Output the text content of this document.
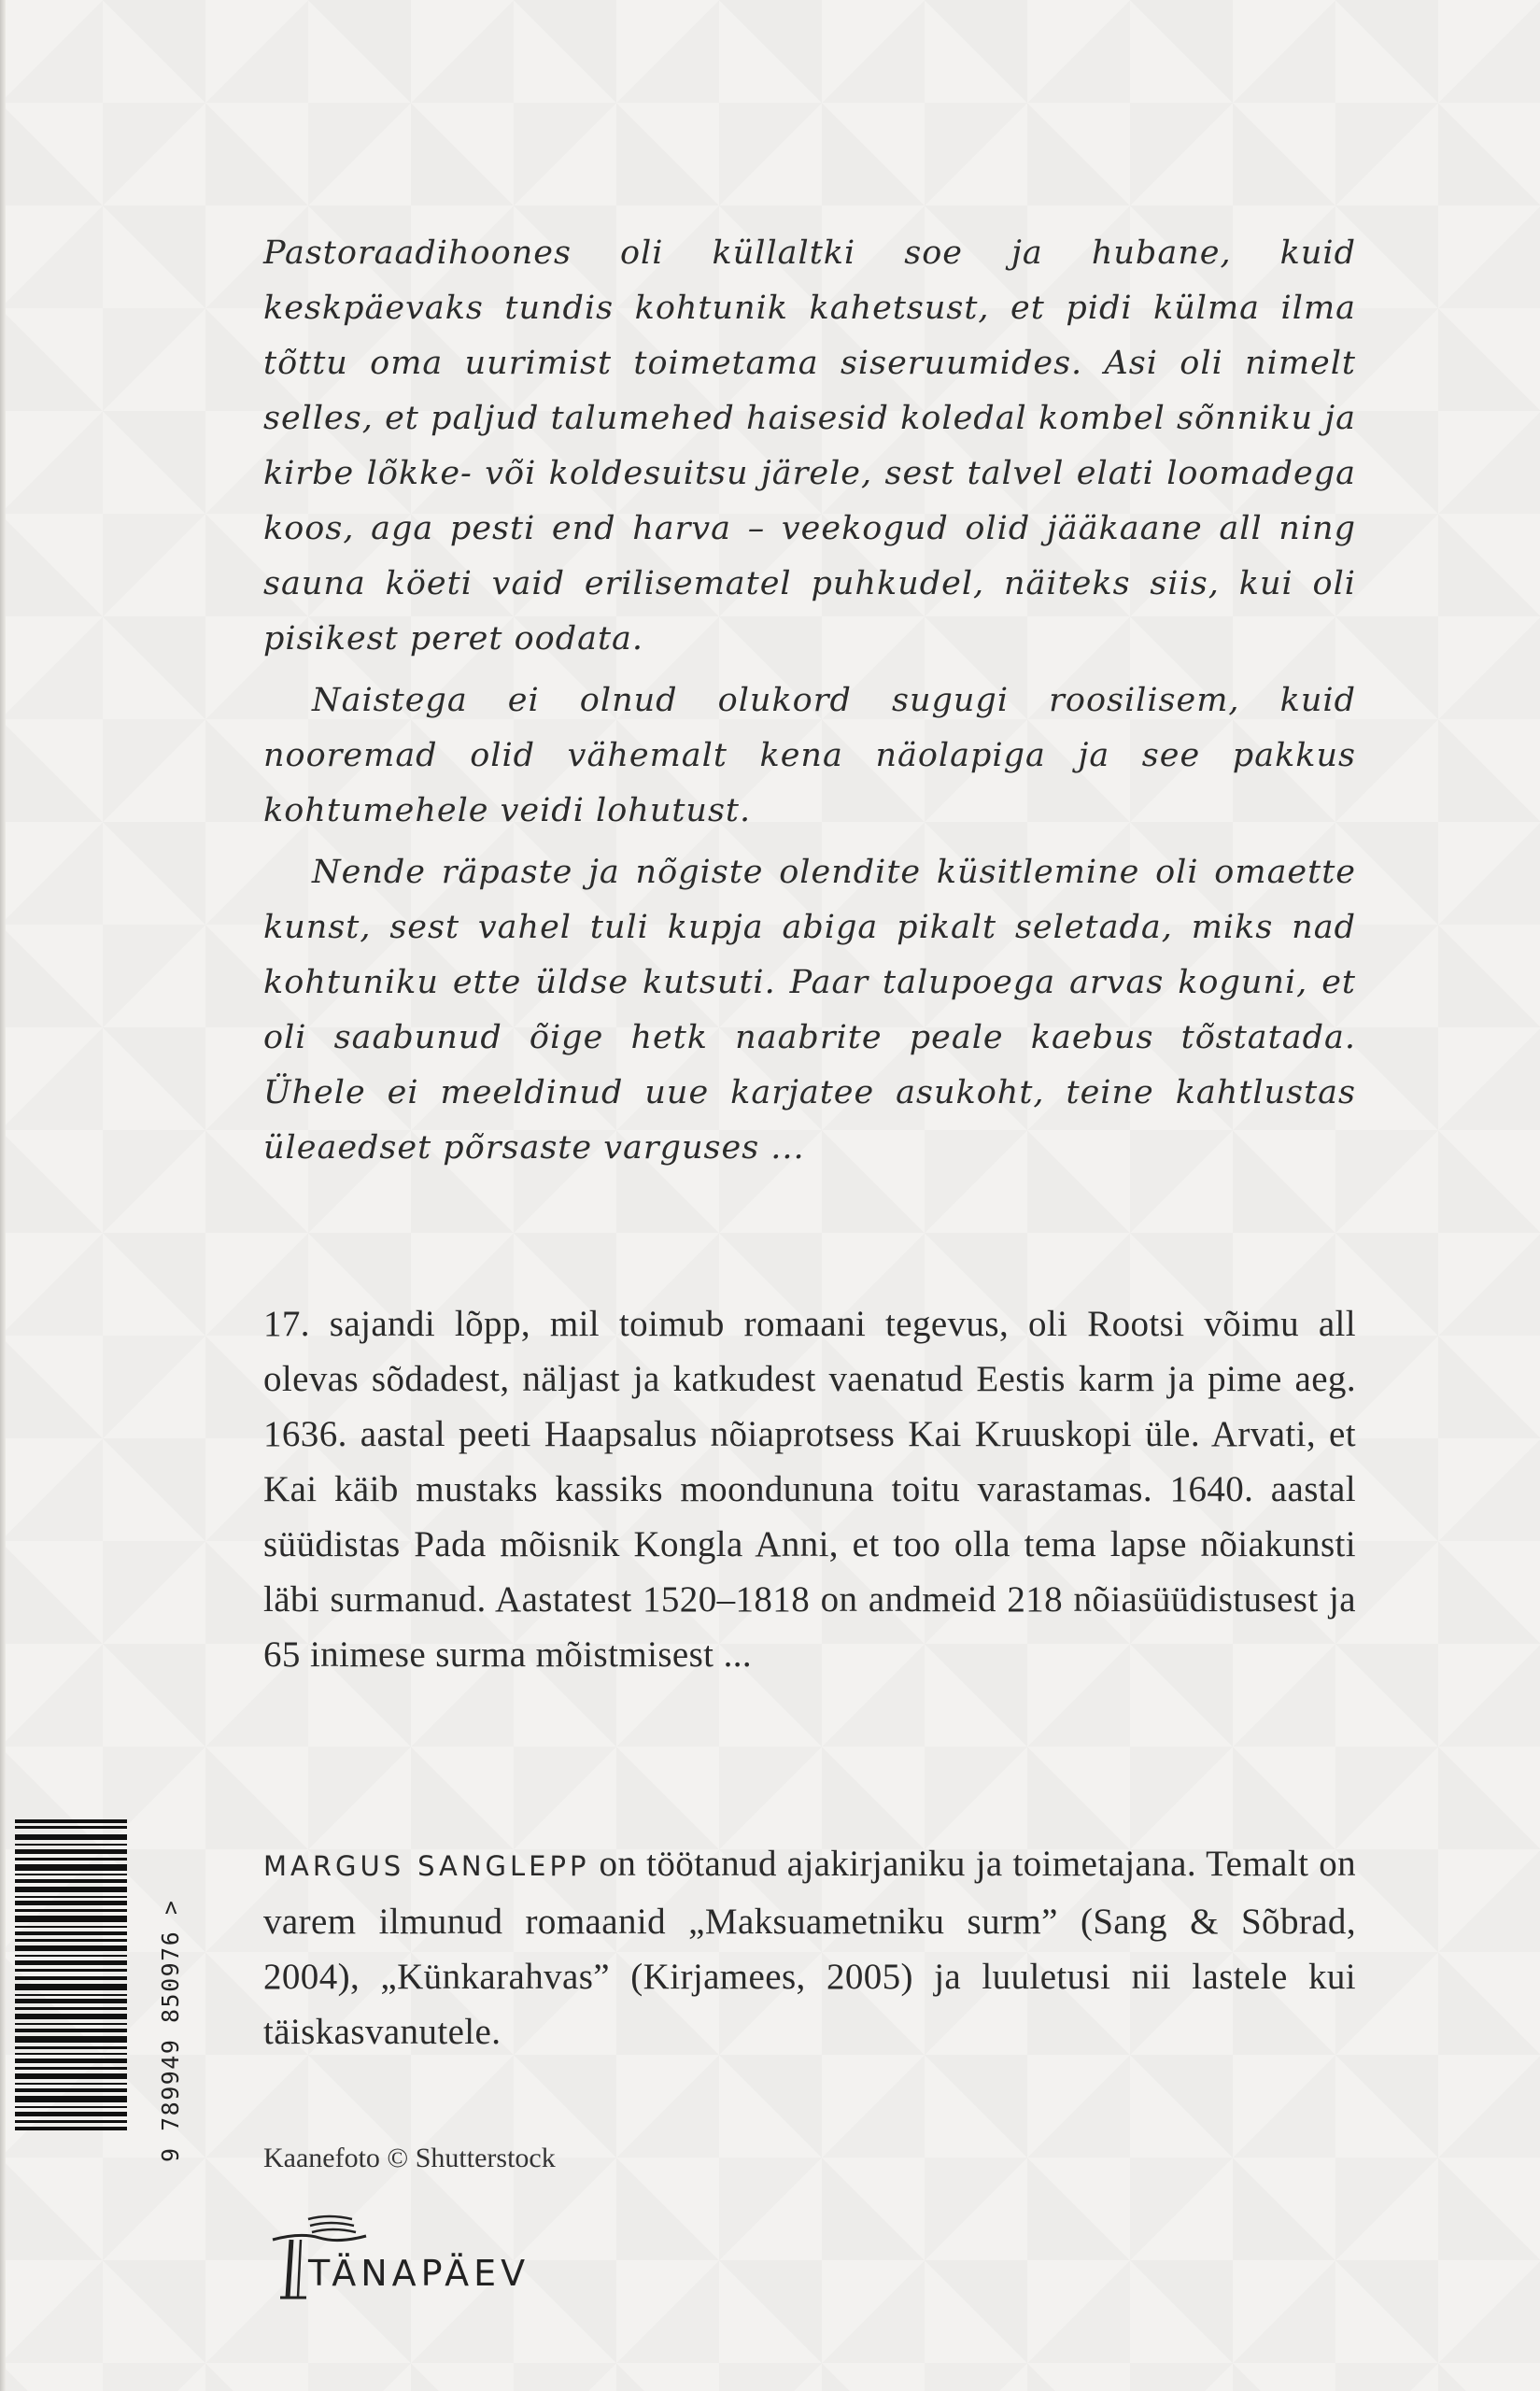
Pastoraadihoones oli küllaltki soe ja hubane, kuid keskpäevaks tundis kohtunik kahetsust, et pidi külma ilma tõttu oma uurimist toimetama siseruumides. Asi oli nimelt selles, et paljud talumehed haisesid koledal kombel sõnniku ja kirbe lõkke- või koldesuitsu järele, sest talvel elati loomadega koos, aga pesti end harva – veekogud olid jääkaane all ning sauna köeti vaid erilisematel puhkudel, näiteks siis, kui oli pisikest peret oodata.

Naistega ei olnud olukord sugugi roosilisem, kuid nooremad olid vähemalt kena näolapiga ja see pakkus kohtumehele veidi lohutust.

Nende räpaste ja nõgiste olendite küsitlemine oli omaette kunst, sest vahel tuli kupja abiga pikalt seletada, miks nad kohtuniku ette üldse kutsuti. Paar talupoega arvas koguni, et oli saabunud õige hetk naabrite peale kaebus tõstatada. Ühele ei meeldinud uue karjatee asukoht, teine kahtlustas üleaedset põrsaste varguses ...

17. sajandi lõpp, mil toimub romaani tegevus, oli Rootsi võimu all olevas sõdadest, näljast ja katkudest vaenatud Eestis karm ja pime aeg. 1636. aastal peeti Haapsalus nõiaprotsess Kai Kruuskopi üle. Arvati, et Kai käib mustaks kassiks moondununa toitu varastamas. 1640. aastal süüdistas Pada mõisnik Kongla Anni, et too olla tema lapse nõiakunsti läbi surmanud. Aastatest 1520–1818 on andmeid 218 nõiasüüdistusest ja 65 inimese surma mõistmisest ...

MARGUS SANGLEPP on töötanud ajakirjaniku ja toimetajana. Temalt on varem ilmunud romaanid „Maksuametniku surm” (Sang & Sõbrad, 2004), „Künkarahvas” (Kirjamees, 2005) ja luuletusi nii lastele kui täiskasvanutele.

Kaanefoto © Shutterstock
TÄNAPÄEV
9 789949 850976 >
